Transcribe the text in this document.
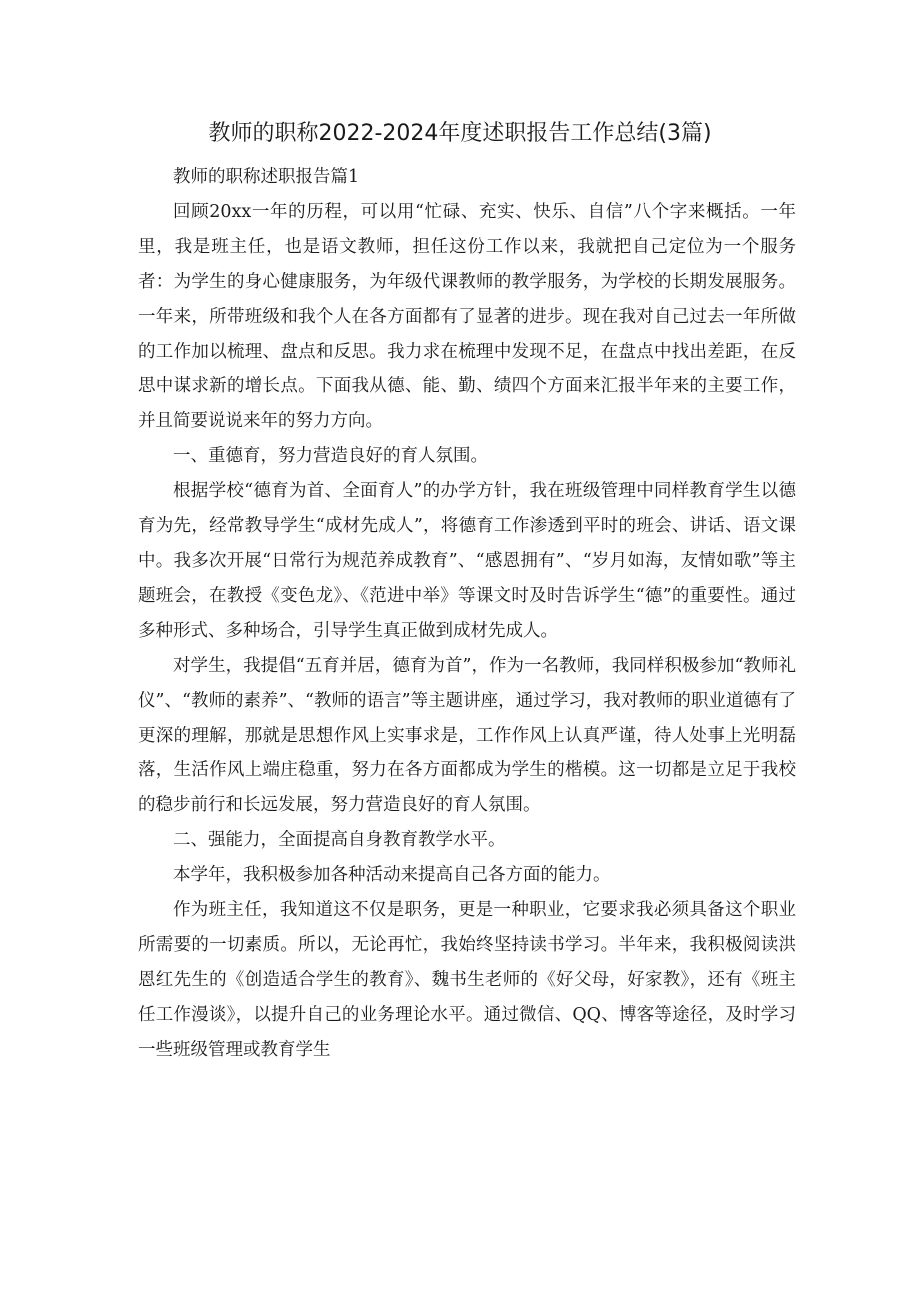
教师的职称2022-2024年度述职报告工作总结(3篇)

教师的职称述职报告篇1

回顾20xx一年的历程，可以用“忙碌、充实、快乐、自信”八个字来概括。一年里，我是班主任，也是语文教师，担任这份工作以来，我就把自己定位为一个服务者：为学生的身心健康服务，为年级代课教师的教学服务，为学校的长期发展服务。一年来，所带班级和我个人在各方面都有了显著的进步。现在我对自己过去一年所做的工作加以梳理、盘点和反思。我力求在梳理中发现不足，在盘点中找出差距，在反思中谋求新的增长点。下面我从德、能、勤、绩四个方面来汇报半年来的主要工作，并且简要说说来年的努力方向。

一、重德育，努力营造良好的育人氛围。

根据学校“德育为首、全面育人”的办学方针，我在班级管理中同样教育学生以德育为先，经常教导学生“成材先成人”，将德育工作渗透到平时的班会、讲话、语文课中。我多次开展“日常行为规范养成教育”、“感恩拥有”、“岁月如海，友情如歌”等主题班会，在教授《变色龙》、《范进中举》等课文时及时告诉学生“德”的重要性。通过多种形式、多种场合，引导学生真正做到成材先成人。

对学生，我提倡“五育并居，德育为首”，作为一名教师，我同样积极参加“教师礼仪”、“教师的素养”、“教师的语言”等主题讲座，通过学习，我对教师的职业道德有了更深的理解，那就是思想作风上实事求是，工作作风上认真严谨，待人处事上光明磊落，生活作风上端庄稳重，努力在各方面都成为学生的楷模。这一切都是立足于我校的稳步前行和长远发展，努力营造良好的育人氛围。

二、强能力，全面提高自身教育教学水平。

本学年，我积极参加各种活动来提高自己各方面的能力。

作为班主任，我知道这不仅是职务，更是一种职业，它要求我必须具备这个职业所需要的一切素质。所以，无论再忙，我始终坚持读书学习。半年来，我积极阅读洪恩红先生的《创造适合学生的教育》、魏书生老师的《好父母，好家教》，还有《班主任工作漫谈》，以提升自己的业务理论水平。通过微信、QQ、博客等途径，及时学习一些班级管理或教育学生
